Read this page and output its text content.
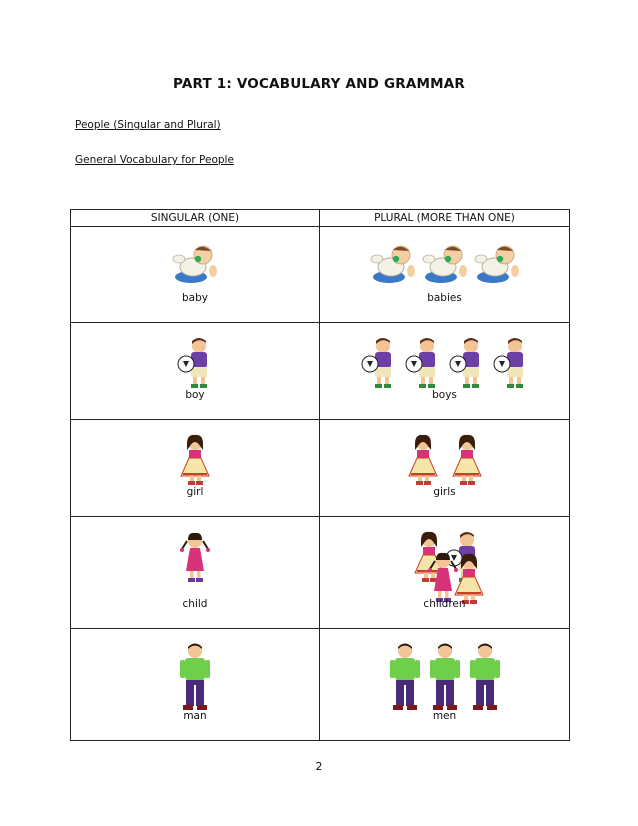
PART 1: VOCABULARY AND GRAMMAR
People (Singular and Plural)
General Vocabulary for People
SINGULAR (ONE)	PLURAL (MORE THAN ONE)

baby	babies

boy	boys

girl	girls

child	children

man	men
2
